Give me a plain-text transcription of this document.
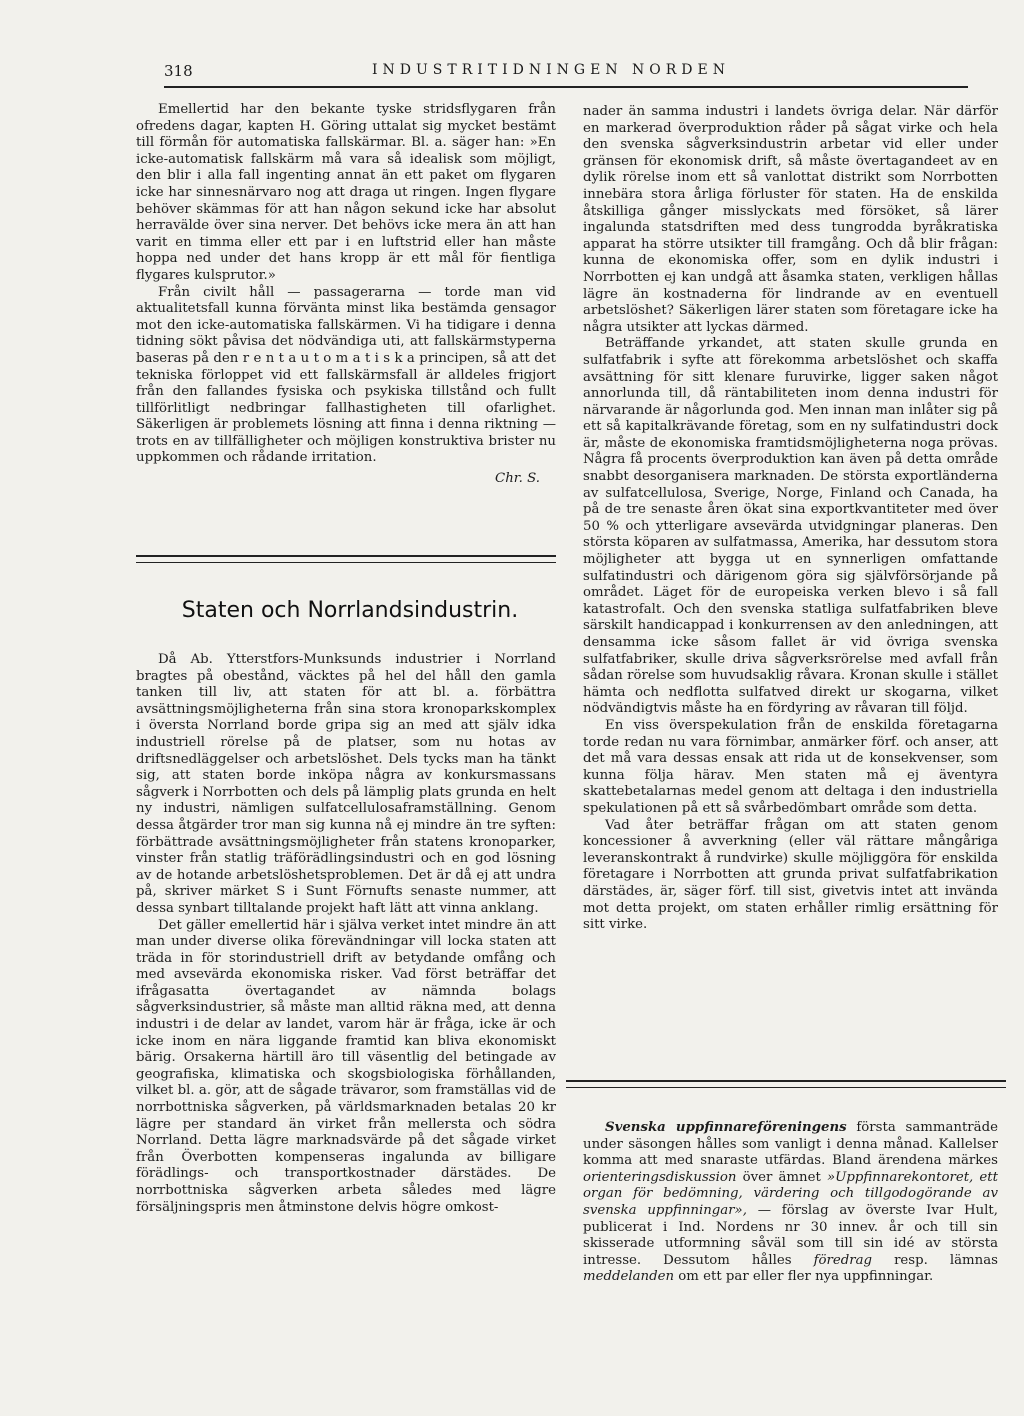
318	INDUSTRITIDNINGEN NORDEN

Emellertid har den bekante tyske stridsflygaren från ofredens dagar, kapten H. Göring uttalat sig mycket bestämt till förmån för automatiska fallskärmar. Bl. a. säger han: »En icke-automatisk fallskärm må vara så idealisk som möjligt, den blir i alla fall ingenting annat än ett paket om flygaren icke har sinnesnärvaro nog att draga ut ringen. Ingen flygare behöver skämmas för att han någon sekund icke har absolut herravälde över sina nerver. Det behövs icke mera än att han varit en timma eller ett par i en luftstrid eller han måste hoppa ned under det hans kropp är ett mål för fientliga flygares kulsprutor.»

Från civilt håll — passagerarna — torde man vid aktualitetsfall kunna förvänta minst lika bestämda gensagor mot den icke-automatiska fallskärmen. Vi ha tidigare i denna tidning sökt påvisa det nödvändiga uti, att fallskärmstyperna baseras på den r e n t a u t o m a t i s k a principen, så att det tekniska förloppet vid ett fallskärmsfall är alldeles frigjort från den fallandes fysiska och psykiska tillstånd och fullt tillförlitligt nedbringar fallhastigheten till ofarlighet. Säkerligen är problemets lösning att finna i denna riktning — trots en av tillfälligheter och möjligen konstruktiva brister nu uppkommen och rådande irritation.

Chr. S.
Staten och Norrlandsindustrin.

Då Ab. Ytterstfors-Munksunds industrier i Norrland bragtes på obestånd, väcktes på hel del håll den gamla tanken till liv, att staten för att bl. a. förbättra avsättningsmöjligheterna från sina stora kronoparkskomplex i översta Norrland borde gripa sig an med att själv idka industriell rörelse på de platser, som nu hotas av driftsnedläggelser och arbetslöshet. Dels tycks man ha tänkt sig, att staten borde inköpa några av konkursmassans sågverk i Norrbotten och dels på lämplig plats grunda en helt ny industri, nämligen sulfatcellulosaframställning. Genom dessa åtgärder tror man sig kunna nå ej mindre än tre syften: förbättrade avsättningsmöjligheter från statens kronoparker, vinster från statlig träförädlingsindustri och en god lösning av de hotande arbetslöshetsproblemen. Det är då ej att undra på, skriver märket S i Sunt Förnufts senaste nummer, att dessa synbart tilltalande projekt haft lätt att vinna anklang.

Det gäller emellertid här i själva verket intet mindre än att man under diverse olika förevändningar vill locka staten att träda in för storindustriell drift av betydande omfång och med avsevärda ekonomiska risker. Vad först beträffar det ifrågasatta övertagandet av nämnda bolags sågverksindustrier, så måste man alltid räkna med, att denna industri i de delar av landet, varom här är fråga, icke är och icke inom en nära liggande framtid kan bliva ekonomiskt bärig. Orsakerna härtill äro till väsentlig del betingade av geografiska, klimatiska och skogsbiologiska förhållanden, vilket bl. a. gör, att de sågade trävaror, som framställas vid de norrbottniska sågverken, på världsmarknaden betalas 20 kr lägre per standard än virket från mellersta och södra Norrland. Detta lägre marknadsvärde på det sågade virket från Överbotten kompenseras ingalunda av billigare förädlings- och transportkostnader därstädes. De norrbottniska sågverken arbeta således med lägre försäljningspris men åtminstone delvis högre omkost-

nader än samma industri i landets övriga delar. När därför en markerad överproduktion råder på sågat virke och hela den svenska sågverksindustrin arbetar vid eller under gränsen för ekonomisk drift, så måste övertagandeet av en dylik rörelse inom ett så vanlottat distrikt som Norrbotten innebära stora årliga förluster för staten. Ha de enskilda åtskilliga gånger misslyckats med försöket, så lärer ingalunda statsdriften med dess tungrodda byråkratiska apparat ha större utsikter till framgång. Och då blir frågan: kunna de ekonomiska offer, som en dylik industri i Norrbotten ej kan undgå att åsamka staten, verkligen hållas lägre än kostnaderna för lindrande av en eventuell arbetslöshet? Säkerligen lärer staten som företagare icke ha några utsikter att lyckas därmed.

Beträffande yrkandet, att staten skulle grunda en sulfatfabrik i syfte att förekomma arbetslöshet och skaffa avsättning för sitt klenare furuvirke, ligger saken något annorlunda till, då räntabiliteten inom denna industri för närvarande är någorlunda god. Men innan man inlåter sig på ett så kapitalkrävande företag, som en ny sulfatindustri dock är, måste de ekonomiska framtidsmöjligheterna noga prövas. Några få procents överproduktion kan även på detta område snabbt desorganisera marknaden. De största exportländerna av sulfatcellulosa, Sverige, Norge, Finland och Canada, ha på de tre senaste åren ökat sina exportkvantiteter med över 50 % och ytterligare avsevärda utvidgningar planeras. Den största köparen av sulfatmassa, Amerika, har dessutom stora möjligheter att bygga ut en synnerligen omfattande sulfatindustri och därigenom göra sig självförsörjande på området. Läget för de europeiska verken blevo i så fall katastrofalt. Och den svenska statliga sulfatfabriken bleve särskilt handicappad i konkurrensen av den anledningen, att densamma icke såsom fallet är vid övriga svenska sulfatfabriker, skulle driva sågverksrörelse med avfall från sådan rörelse som huvudsaklig råvara. Kronan skulle i stället hämta och nedflotta sulfatved direkt ur skogarna, vilket nödvändigtvis måste ha en fördyring av råvaran till följd.

En viss överspekulation från de enskilda företagarna torde redan nu vara förnimbar, anmärker förf. och anser, att det må vara dessas ensak att rida ut de konsekvenser, som kunna följa härav. Men staten må ej äventyra skattebetalarnas medel genom att deltaga i den industriella spekulationen på ett så svårbedömbart område som detta.

Vad åter beträffar frågan om att staten genom koncessioner å avverkning (eller väl rättare mångåriga leveranskontrakt å rundvirke) skulle möjliggöra för enskilda företagare i Norrbotten att grunda privat sulfatfabrikation därstädes, är, säger förf. till sist, givetvis intet att invända mot detta projekt, om staten erhåller rimlig ersättning för sitt virke.

Svenska uppfinnareföreningens första sammanträde under säsongen hålles som vanligt i denna månad. Kallelser komma att med snaraste utfärdas. Bland ärendena märkes orienteringsdiskussion över ämnet »Uppfinnarekontoret, ett organ för bedömning, värdering och tillgodogörande av svenska uppfinningar», — förslag av överste Ivar Hult, publicerat i Ind. Nordens nr 30 innev. år och till sin skisserade utformning såväl som till sin idé av största intresse. Dessutom hålles föredrag resp. lämnas meddelanden om ett par eller fler nya uppfinningar.
